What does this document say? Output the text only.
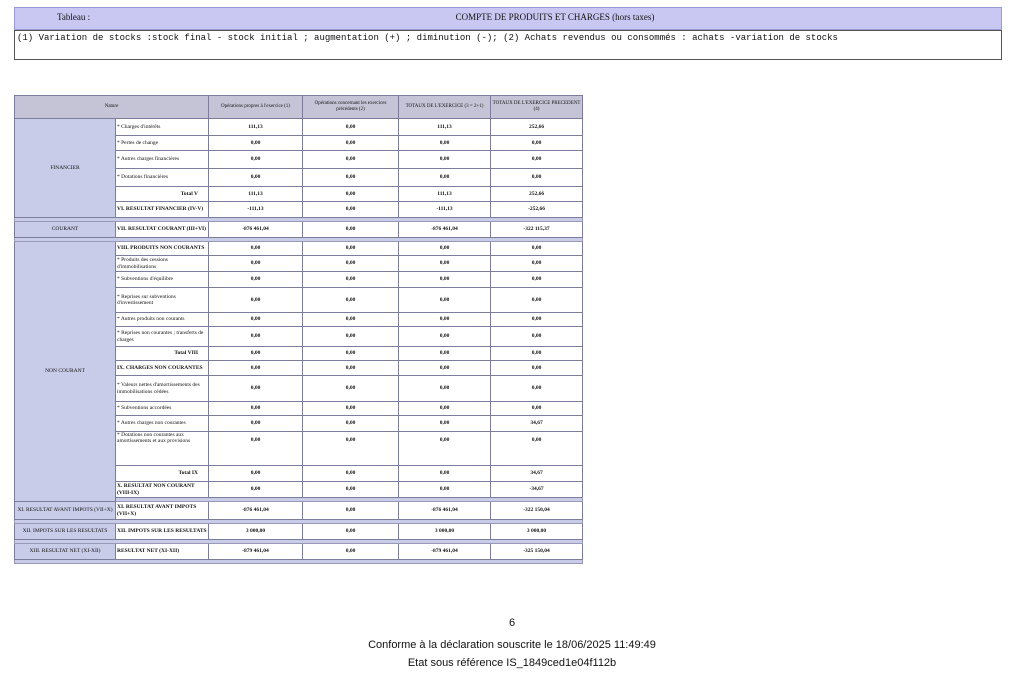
Tableau :	COMPTE DE PRODUITS ET CHARGES (hors taxes)
(1) Variation de stocks :stock final - stock initial ; augmentation (+) ; diminution (-); (2) Achats revendus ou consommés : achats -variation de stocks
Nature		Opérations propres à l'exercice (1)	Opérations concernant les exercices précédents (2)	TOTAUX DE L'EXERCICE (3 = 2+1)	TOTAUX DE L'EXERCICE PRECEDENT (4)
FINANCIER	* Charges d'intérêts	111,13	0,00	111,13	252,66
	* Pertes de change	0,00	0,00	0,00	0,00
	* Autres charges financières	0,00	0,00	0,00	0,00
	* Dotations financières	0,00	0,00	0,00	0,00
	Total V	111,13	0,00	111,13	252,66
	VI. RESULTAT FINANCIER (IV-V)	-111,13	0,00	-111,13	-252,66

COURANT	VII. RESULTAT COURANT (III+VI)	-876 461,04	0,00	-876 461,04	-322 115,37

NON COURANT	VIII. PRODUITS NON COURANTS	0,00	0,00	0,00	0,00
	* Produits des cessions d'immobilisations	0,00	0,00	0,00	0,00
	* Subventions d'équilibre	0,00	0,00	0,00	0,00
	* Reprises sur subventions d'investissement	0,00	0,00	0,00	0,00
	* Autres produits non courants	0,00	0,00	0,00	0,00
	* Reprises non courantes ; transferts de charges	0,00	0,00	0,00	0,00
	Total VIII	0,00	0,00	0,00	0,00
	IX. CHARGES NON COURANTES	0,00	0,00	0,00	0,00
	* Valeurs nettes d'amortissements des immobilisations cédées	0,00	0,00	0,00	0,00
	* Subventions accordées	0,00	0,00	0,00	0,00
	* Autres charges non courantes	0,00	0,00	0,00	34,67
	* Dotations non courantes aux amortissements et aux provisions	0,00	0,00	0,00	0,00
	Total IX	0,00	0,00	0,00	34,67
	X. RESULTAT NON COURANT (VIII-IX)	0,00	0,00	0,00	-34,67

XI. RESULTAT AVANT IMPOTS (VII+X)	XI. RESULTAT AVANT IMPOTS (VII+X)	-876 461,04	0,00	-876 461,04	-322 150,04

XII. IMPOTS SUR LES RESULTATS	XII. IMPOTS SUR LES RESULTATS	3 000,00	0,00	3 000,00	3 000,00

XIII. RESULTAT NET (XI-XII)	RESULTAT NET (XI-XII)	-879 461,04	0,00	-879 461,04	-325 150,04

6
Conforme à la déclaration souscrite le 18/06/2025 11:49:49
Etat sous référence IS_1849ced1e04f112b
